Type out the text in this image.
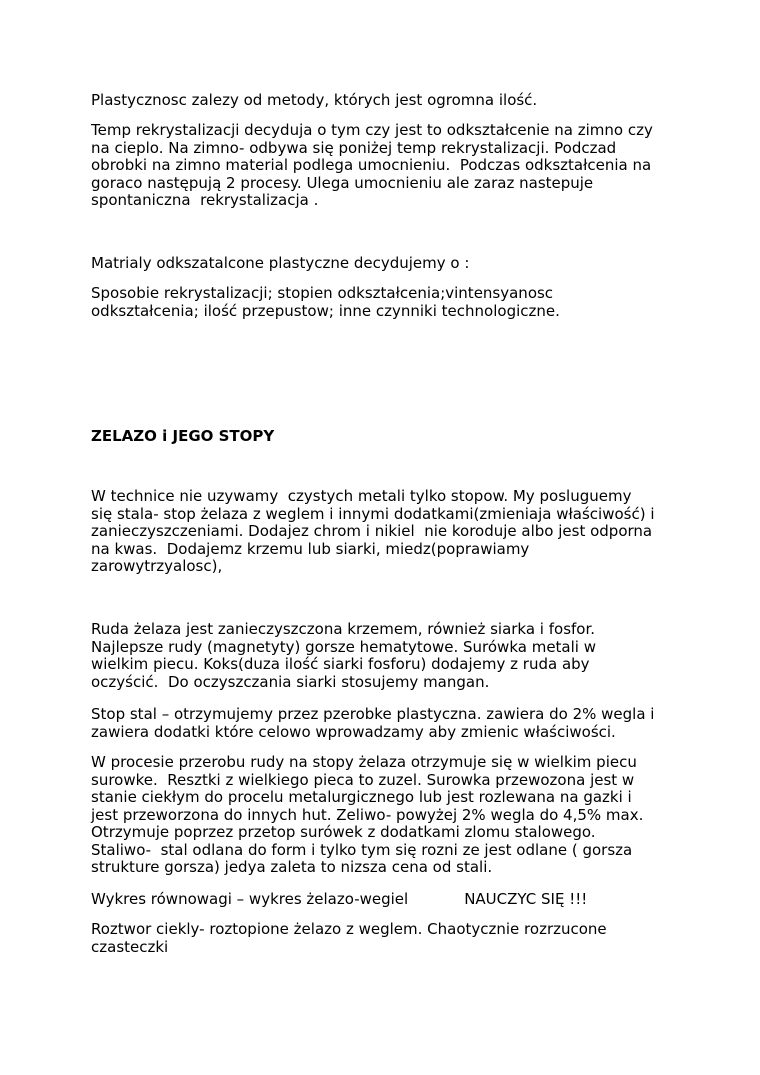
Plastycznosc zalezy od metody, których jest ogromna ilość.
Temp rekrystalizacji decyduja o tym czy jest to odkształcenie na zimno czy
na cieplo. Na zimno- odbywa się poniżej temp rekrystalizacji. Podczad
obrobki na zimno material podlega umocnieniu.  Podczas odkształcenia na
goraco następują 2 procesy. Ulega umocnieniu ale zaraz nastepuje
spontaniczna  rekrystalizacja .
Matrialy odkszatalcone plastyczne decydujemy o :
Sposobie rekrystalizacji; stopien odkształcenia;vintensyanosc
odkształcenia; ilość przepustow; inne czynniki technologiczne.
ZELAZO i JEGO STOPY
W technice nie uzywamy  czystych metali tylko stopow. My posluguemy
się stala- stop żelaza z weglem i innymi dodatkami(zmieniaja właściwość) i
zanieczyszczeniami. Dodajez chrom i nikiel  nie koroduje albo jest odporna
na kwas.  Dodajemz krzemu lub siarki, miedz(poprawiamy
zarowytrzyalosc),
Ruda żelaza jest zanieczyszczona krzemem, również siarka i fosfor.
Najlepsze rudy (magnetyty) gorsze hematytowe. Surówka metali w
wielkim piecu. Koks(duza ilość siarki fosforu) dodajemy z ruda aby
oczyścić.  Do oczyszczania siarki stosujemy mangan.
Stop stal – otrzymujemy przez pzerobke plastyczna. zawiera do 2% wegla i
zawiera dodatki które celowo wprowadzamy aby zmienic właściwości.
W procesie przerobu rudy na stopy żelaza otrzymuje się w wielkim piecu
surowke.  Resztki z wielkiego pieca to zuzel. Surowka przewozona jest w
stanie ciekłym do procelu metalurgicznego lub jest rozlewana na gazki i
jest przeworzona do innych hut. Zeliwo- powyżej 2% wegla do 4,5% max.
Otrzymuje poprzez przetop surówek z dodatkami zlomu stalowego.
Staliwo-  stal odlana do form i tylko tym się rozni ze jest odlane ( gorsza
strukture gorsza) jedya zaleta to nizsza cena od stali.
Wykres równowagi – wykres żelazo-wegiel	NAUCZYC SIĘ !!!
Roztwor ciekly- roztopione żelazo z weglem. Chaotycznie rozrzucone
czasteczki
